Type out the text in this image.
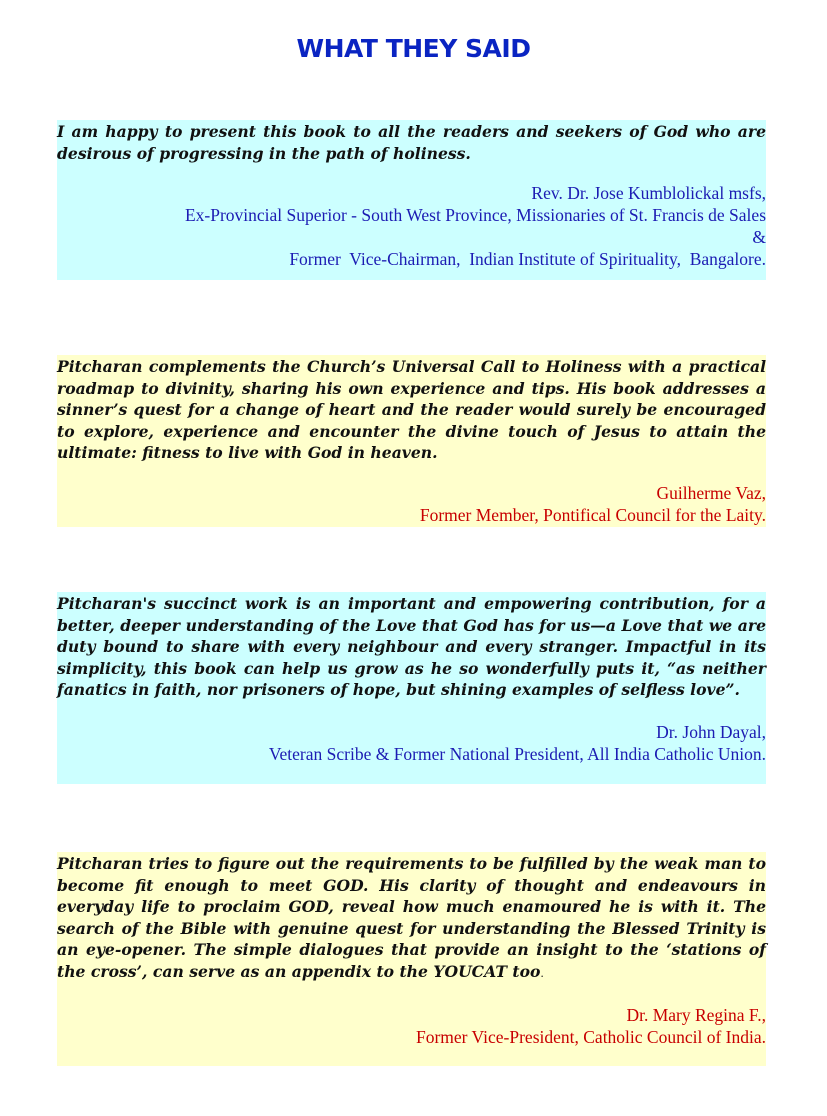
WHAT THEY SAID

I am happy to present this book to all the readers and seekers of God who are desirous of progressing in the path of holiness.

Rev. Dr. Jose Kumblolickal msfs,

Ex-Provincial Superior - South West Province, Missionaries of St. Francis de Sales

&

Former  Vice-Chairman,  Indian Institute of Spirituality,  Bangalore.

Pitcharan complements the Church’s Universal Call to Holiness with a practical roadmap to divinity, sharing his own experience and tips. His book addresses a sinner’s quest for a change of heart and the reader would surely be encouraged to explore, experience and encounter the divine touch of Jesus to attain the ultimate: fitness to live with God in heaven.

Guilherme Vaz,

Former Member, Pontifical Council for the Laity.

Pitcharan's succinct work is an important and empowering contribution, for a better, deeper understanding of the Love that God has for us—a Love that we are duty bound to share with every neighbour and every stranger. Impactful in its simplicity, this book can help us grow as he so wonderfully puts it, “as neither fanatics in faith, nor prisoners of hope, but shining examples of selfless love”.

Dr. John Dayal,

Veteran Scribe & Former National President, All India Catholic Union.

Pitcharan tries to figure out the requirements to be fulfilled by the weak man to become fit enough to meet GOD. His clarity of thought and endeavours in everyday life to proclaim GOD, reveal how much enamoured he is with it. The search of the Bible with genuine quest for understanding the Blessed Trinity is an eye-opener. The simple dialogues that provide an insight to the ‘stations of the cross’, can serve as an appendix to the YOUCAT too.

Dr. Mary Regina F.,

Former Vice-President, Catholic Council of India.
